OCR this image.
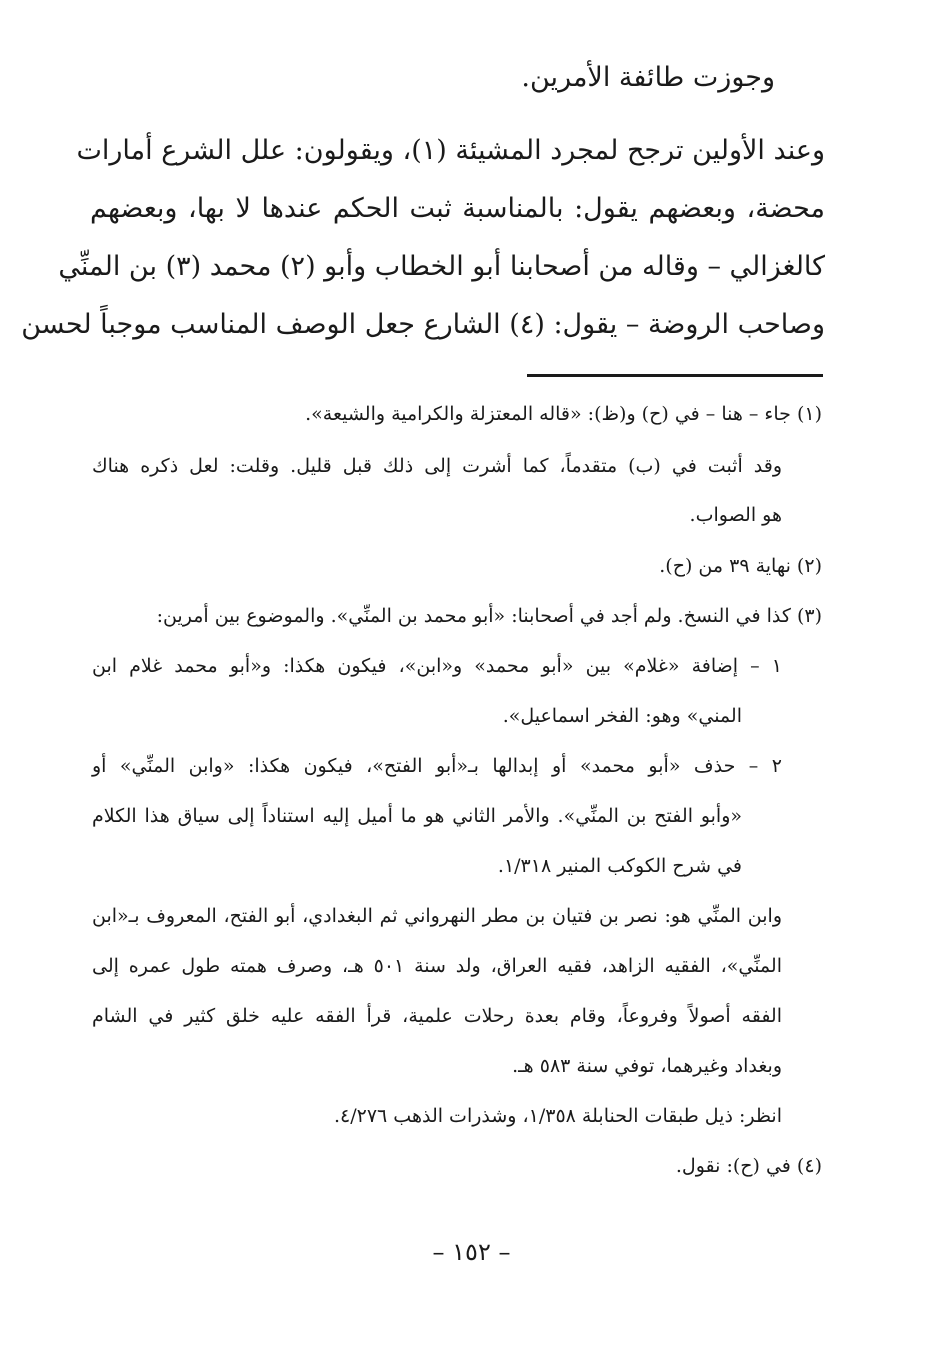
وجوزت طائفة الأمرين.
وعند الأولين ترجح لمجرد المشيئة (١)، ويقولون: علل الشرع أمارات
محضة، وبعضهم يقول: بالمناسبة ثبت الحكم عندها لا بها، وبعضهم
كالغزالي – وقاله من أصحابنا أبو الخطاب وأبو (٢) محمد (٣) بن المنِّي
وصاحب الروضة – يقول: (٤) الشارع جعل الوصف المناسب موجباً لحسن
(١) جاء – هنا – في (ح) و(ظ): «قاله المعتزلة والكرامية والشيعة».
وقد أثبت في (ب) متقدماً، كما أشرت إلى ذلك قبل قليل. وقلت: لعل ذكره هناك
هو الصواب.
(٢) نهاية ٣٩ من (ح).
(٣) كذا في النسخ. ولم أجد في أصحابنا: «أبو محمد بن المنِّي». والموضوع بين أمرين:
١ – إضافة «غلام» بين «أبو محمد» و«ابن»، فيكون هكذا: و«أبو محمد غلام ابن
المني» وهو: الفخر اسماعيل».
٢ – حذف «أبو محمد» أو إبدالها بـ«أبو الفتح»، فيكون هكذا: «وابن المنِّي» أو
«وأبو الفتح بن المنِّي». والأمر الثاني هو ما أميل إليه استناداً إلى سياق هذا الكلام
في شرح الكوكب المنير ١/٣١٨.
وابن المنِّي هو: نصر بن فتيان بن مطر النهرواني ثم البغدادي، أبو الفتح، المعروف بـ«ابن
المنِّي»، الفقيه الزاهد، فقيه العراق، ولد سنة ٥٠١ هـ، وصرف همته طول عمره إلى
الفقه أصولاً وفروعاً، وقام بعدة رحلات علمية، قرأ الفقه عليه خلق كثير في الشام
وبغداد وغيرهما، توفي سنة ٥٨٣ هـ.
انظر: ذيل طبقات الحنابلة ١/٣٥٨، وشذرات الذهب ٤/٢٧٦.
(٤) في (ح): نقول.
– ١٥٢ –
